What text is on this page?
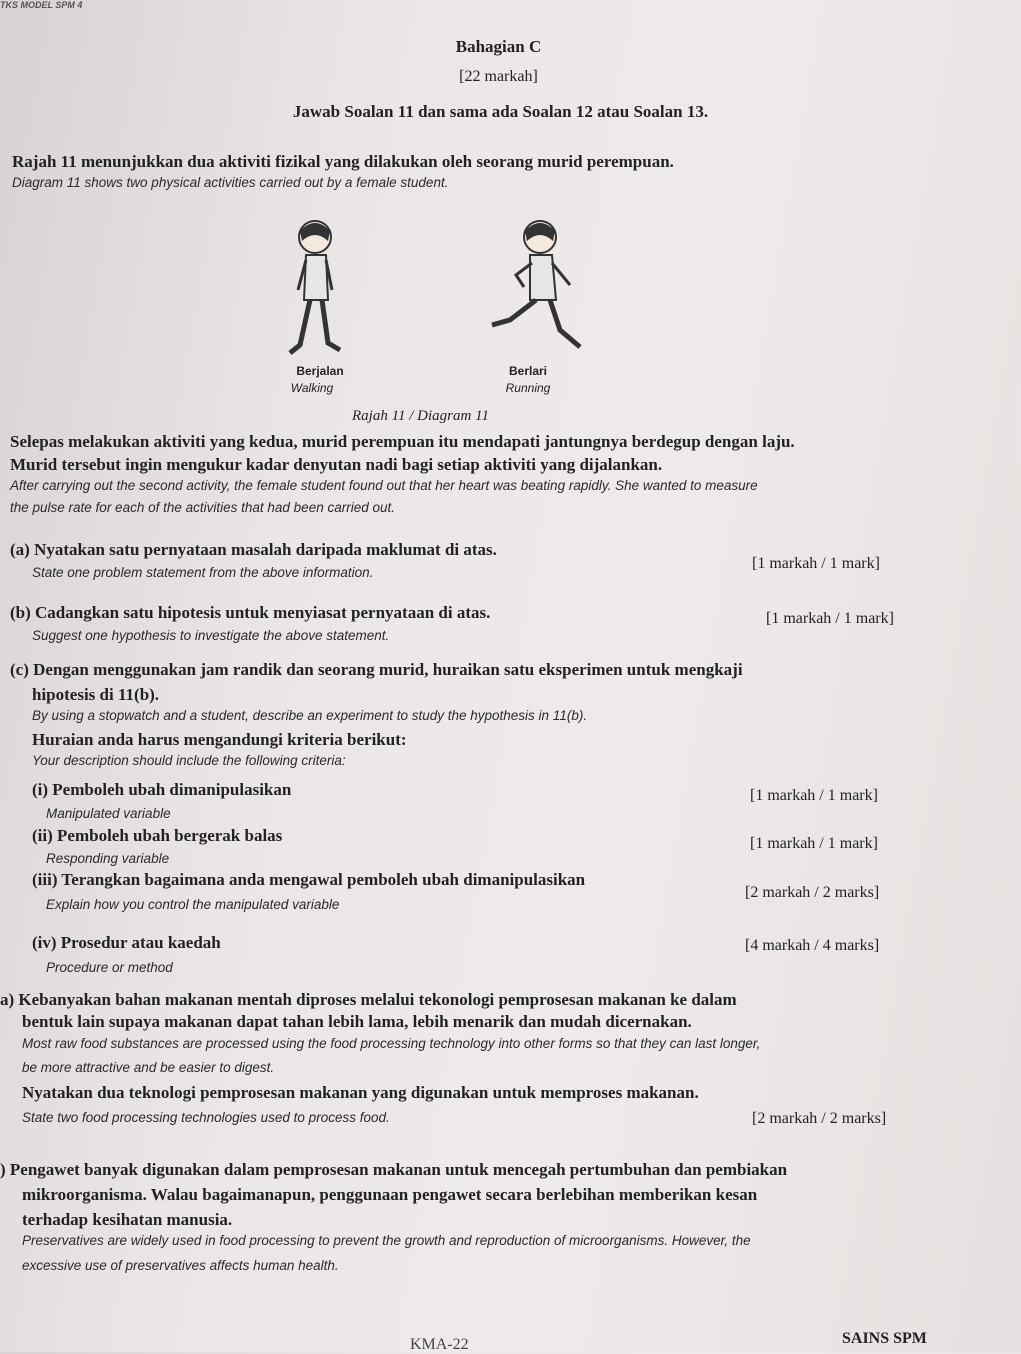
TKS MODEL SPM 4
Bahagian C
[22 markah]
Jawab Soalan 11 dan sama ada Soalan 12 atau Soalan 13.
Rajah 11 menunjukkan dua aktiviti fizikal yang dilakukan oleh seorang murid perempuan.
Diagram 11 shows two physical activities carried out by a female student.
Berjalan
Walking
Berlari
Running
Rajah 11 / Diagram 11
Selepas melakukan aktiviti yang kedua, murid perempuan itu mendapati jantungnya berdegup dengan laju.
Murid tersebut ingin mengukur kadar denyutan nadi bagi setiap aktiviti yang dijalankan.
After carrying out the second activity, the female student found out that her heart was beating rapidly. She wanted to measure
the pulse rate for each of the activities that had been carried out.
(a) Nyatakan satu pernyataan masalah daripada maklumat di atas.
State one problem statement from the above information.
[1 markah / 1 mark]
(b) Cadangkan satu hipotesis untuk menyiasat pernyataan di atas.
Suggest one hypothesis to investigate the above statement.
[1 markah / 1 mark]
(c) Dengan menggunakan jam randik dan seorang murid, huraikan satu eksperimen untuk mengkaji
hipotesis di 11(b).
By using a stopwatch and a student, describe an experiment to study the hypothesis in 11(b).
Huraian anda harus mengandungi kriteria berikut:
Your description should include the following criteria:
(i) Pemboleh ubah dimanipulasikan
Manipulated variable
[1 markah / 1 mark]
(ii) Pemboleh ubah bergerak balas
Responding variable
[1 markah / 1 mark]
(iii) Terangkan bagaimana anda mengawal pemboleh ubah dimanipulasikan
Explain how you control the manipulated variable
[2 markah / 2 marks]
(iv) Prosedur atau kaedah
Procedure or method
[4 markah / 4 marks]
a) Kebanyakan bahan makanan mentah diproses melalui tekonologi pemprosesan makanan ke dalam
bentuk lain supaya makanan dapat tahan lebih lama, lebih menarik dan mudah dicernakan.
Most raw food substances are processed using the food processing technology into other forms so that they can last longer,
be more attractive and be easier to digest.
Nyatakan dua teknologi pemprosesan makanan yang digunakan untuk memproses makanan.
State two food processing technologies used to process food.	[2 markah / 2 marks]
) Pengawet banyak digunakan dalam pemprosesan makanan untuk mencegah pertumbuhan dan pembiakan
mikroorganisma. Walau bagaimanapun, penggunaan pengawet secara berlebihan memberikan kesan
terhadap kesihatan manusia.
Preservatives are widely used in food processing to prevent the growth and reproduction of microorganisms. However, the
excessive use of preservatives affects human health.
KMA-22	SAINS SPM
